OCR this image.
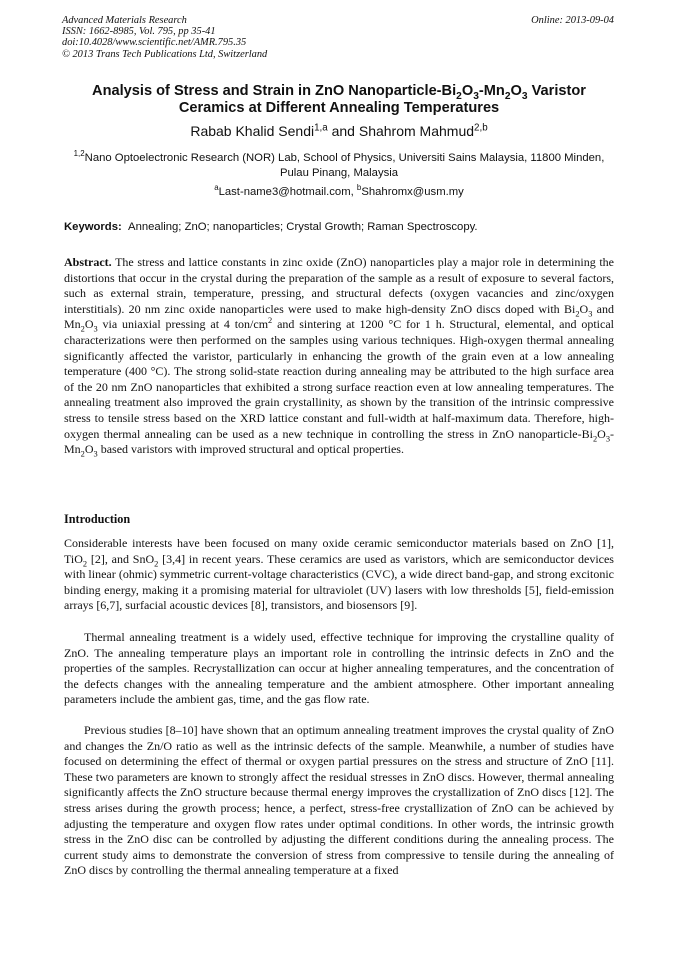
Advanced Materials Research
ISSN: 1662-8985, Vol. 795, pp 35-41
doi:10.4028/www.scientific.net/AMR.795.35
© 2013 Trans Tech Publications Ltd, Switzerland
Online: 2013-09-04
Analysis of Stress and Strain in ZnO Nanoparticle-$Bi_2O_3-Mn_2O_3$ Varistor
Ceramics at Different Annealing Temperatures
Rabab Khalid Sendi$^{1,a}$ and Shahrom Mahmud$^{2,b}$
$^{1,2}$Nano Optoelectronic Research (NOR) Lab, School of Physics, Universiti Sains Malaysia, 11800 Minden, Pulau Pinang, Malaysia
$^a$Last-name3@hotmail.com, $^b$Shahromx@usm.my
Keywords: Annealing; ZnO; nanoparticles; Crystal Growth; Raman Spectroscopy.
Abstract. The stress and lattice constants in zinc oxide (ZnO) nanoparticles play a major role in determining the distortions that occur in the crystal during the preparation of the sample as a result of exposure to several factors, such as external strain, temperature, pressing, and structural defects (oxygen vacancies and zinc/oxygen interstitials). 20 nm zinc oxide nanoparticles were used to make high-density ZnO discs doped with $Bi_2O_3$ and $Mn_2O_3$ via uniaxial pressing at 4 ton/$cm^2$ and sintering at 1200 °C for 1 h. Structural, elemental, and optical characterizations were then performed on the samples using various techniques. High-oxygen thermal annealing significantly affected the varistor, particularly in enhancing the growth of the grain even at a low annealing temperature (400 °C). The strong solid-state reaction during annealing may be attributed to the high surface area of the 20 nm ZnO nanoparticles that exhibited a strong surface reaction even at low annealing temperatures. The annealing treatment also improved the grain crystallinity, as shown by the transition of the intrinsic compressive stress to tensile stress based on the XRD lattice constant and full-width at half-maximum data. Therefore, high-oxygen thermal annealing can be used as a new technique in controlling the stress in ZnO nanoparticle-$Bi_2O_3-Mn_2O_3$ based varistors with improved structural and optical properties.
Introduction
Considerable interests have been focused on many oxide ceramic semiconductor materials based on ZnO [1], TiO$_2$ [2], and SnO$_2$ [3,4] in recent years. These ceramics are used as varistors, which are semiconductor devices with linear (ohmic) symmetric current-voltage characteristics (CVC), a wide direct band-gap, and strong excitonic binding energy, making it a promising material for ultraviolet (UV) lasers with low thresholds [5], field-emission arrays [6,7], surfacial acoustic devices [8], transistors, and biosensors [9].
Thermal annealing treatment is a widely used, effective technique for improving the crystalline quality of ZnO. The annealing temperature plays an important role in controlling the intrinsic defects in ZnO and the properties of the samples. Recrystallization can occur at higher annealing temperatures, and the concentration of the defects changes with the annealing temperature and the ambient atmosphere. Other important annealing parameters include the ambient gas, time, and the gas flow rate.
Previous studies [8–10] have shown that an optimum annealing treatment improves the crystal quality of ZnO and changes the Zn/O ratio as well as the intrinsic defects of the sample. Meanwhile, a number of studies have focused on determining the effect of thermal or oxygen partial pressures on the stress and structure of ZnO [11]. These two parameters are known to strongly affect the residual stresses in ZnO discs. However, thermal annealing significantly affects the ZnO structure because thermal energy improves the crystallization of ZnO discs [12]. The stress arises during the growth process; hence, a perfect, stress-free crystallization of ZnO can be achieved by adjusting the temperature and oxygen flow rates under optimal conditions. In other words, the intrinsic growth stress in the ZnO disc can be controlled by adjusting the different conditions during the annealing process. The current study aims to demonstrate the conversion of stress from compressive to tensile during the annealing of ZnO discs by controlling the thermal annealing temperature at a fixed
